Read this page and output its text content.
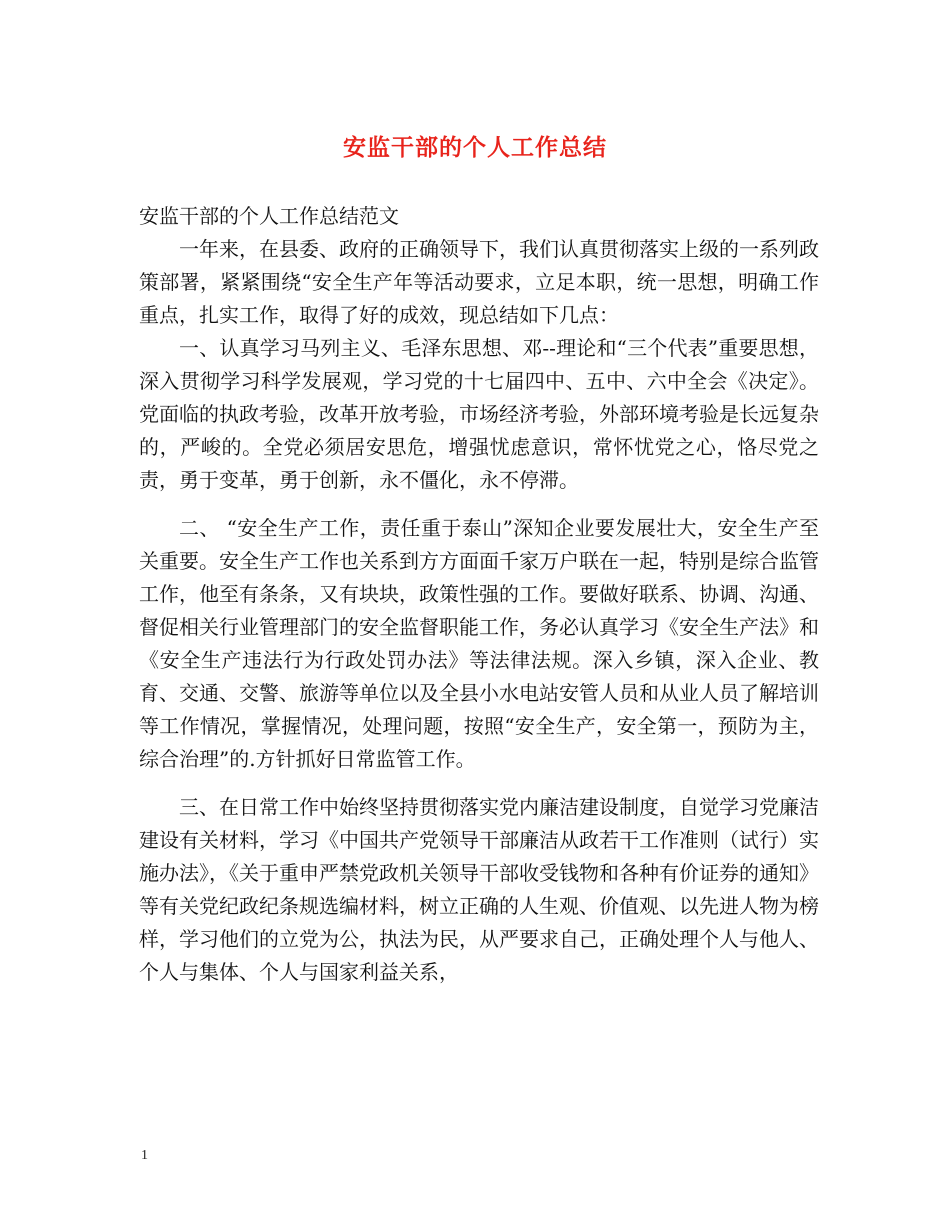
安监干部的个人工作总结

安监干部的个人工作总结范文

一年来，在县委、政府的正确领导下，我们认真贯彻落实上级的一系列政策部署，紧紧围绕“安全生产年等活动要求，立足本职，统一思想，明确工作重点，扎实工作，取得了好的成效，现总结如下几点：

一、认真学习马列主义、毛泽东思想、邓--理论和“三个代表”重要思想，深入贯彻学习科学发展观，学习党的十七届四中、五中、六中全会《决定》。党面临的执政考验，改革开放考验，市场经济考验，外部环境考验是长远复杂的，严峻的。全党必须居安思危，增强忧虑意识，常怀忧党之心，恪尽党之责，勇于变革，勇于创新，永不僵化，永不停滞。

二、 “安全生产工作，责任重于泰山”深知企业要发展壮大，安全生产至关重要。安全生产工作也关系到方方面面千家万户联在一起，特别是综合监管工作，他至有条条，又有块块，政策性强的工作。要做好联系、协调、沟通、督促相关行业管理部门的安全监督职能工作，务必认真学习《安全生产法》和《安全生产违法行为行政处罚办法》等法律法规。深入乡镇，深入企业、教育、交通、交警、旅游等单位以及全县小水电站安管人员和从业人员了解培训等工作情况，掌握情况，处理问题，按照“安全生产，安全第一，预防为主，综合治理”的.方针抓好日常监管工作。

三、在日常工作中始终坚持贯彻落实党内廉洁建设制度，自觉学习党廉洁建设有关材料，学习《中国共产党领导干部廉洁从政若干工作准则（试行）实施办法》，《关于重申严禁党政机关领导干部收受钱物和各种有价证券的通知》等有关党纪政纪条规选编材料，树立正确的人生观、价值观、以先进人物为榜样，学习他们的立党为公，执法为民，从严要求自己，正确处理个人与他人、个人与集体、个人与国家利益关系，

1
